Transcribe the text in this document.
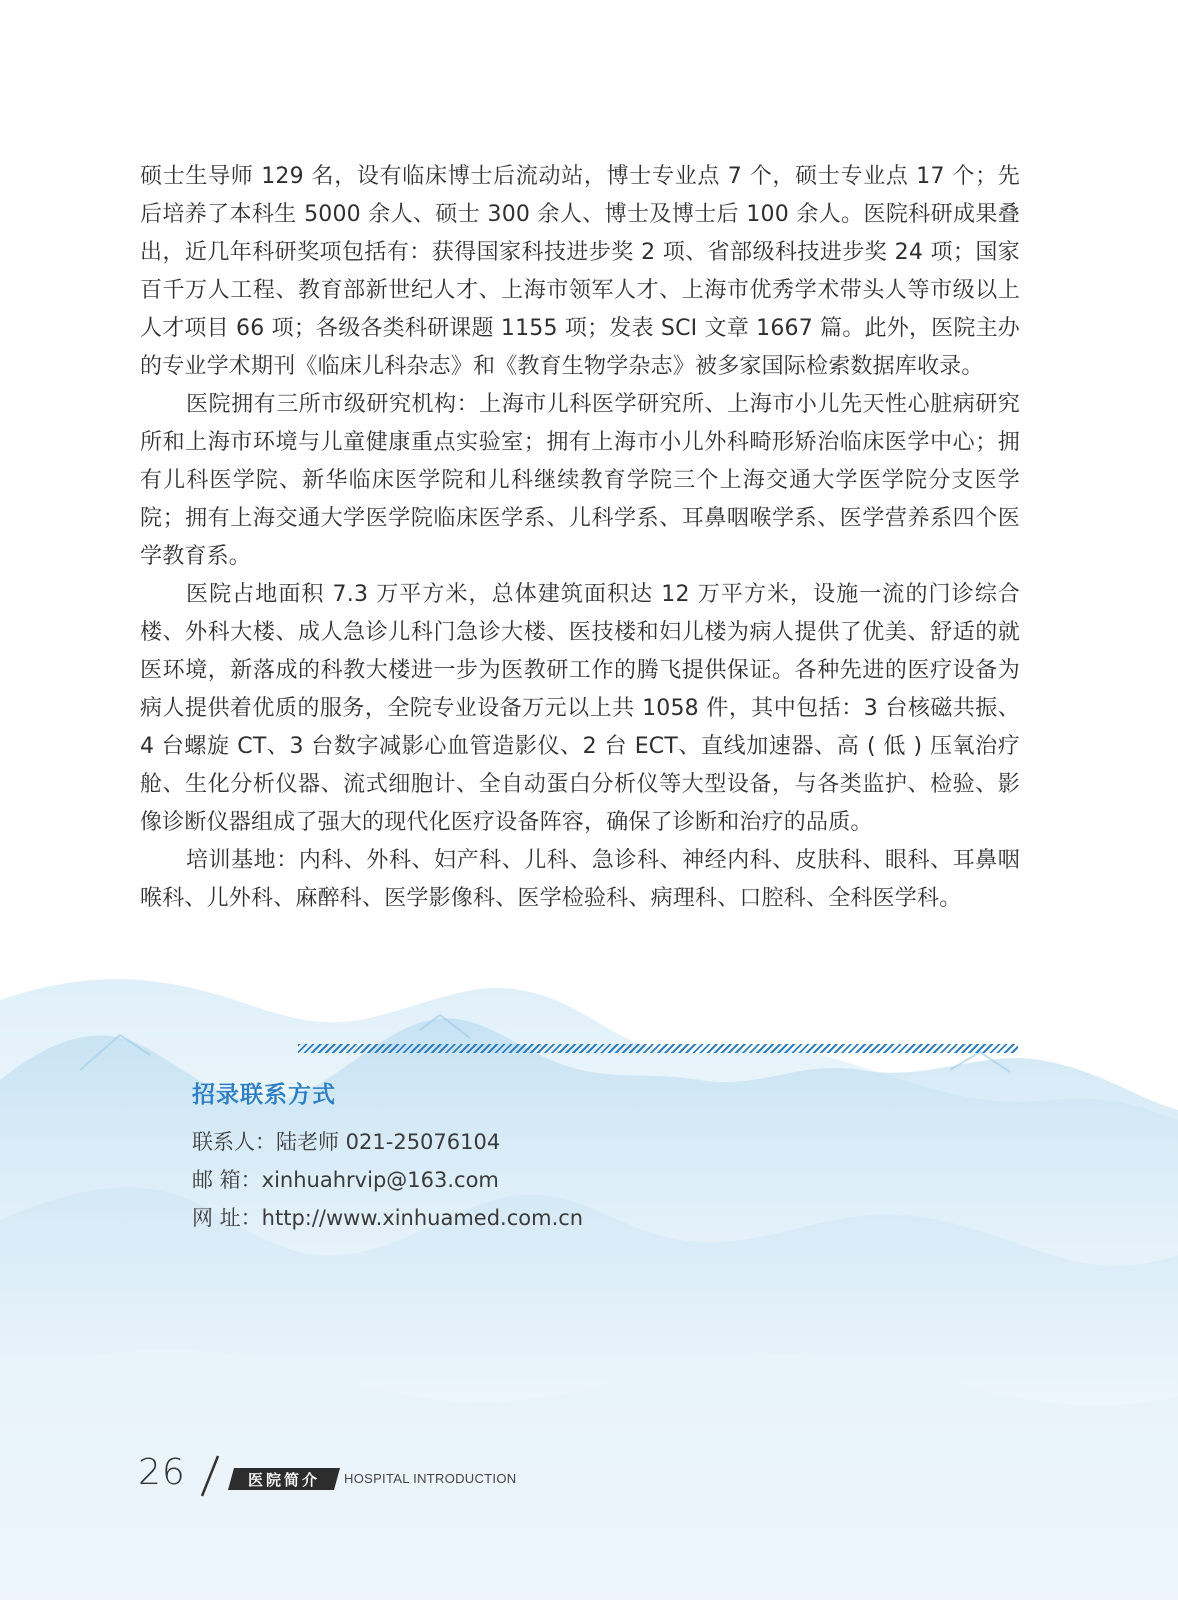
硕士生导师 129 名，设有临床博士后流动站，博士专业点 7 个，硕士专业点 17 个；先后培养了本科生 5000 余人、硕士 300 余人、博士及博士后 100 余人。医院科研成果叠出，近几年科研奖项包括有：获得国家科技进步奖 2 项、省部级科技进步奖 24 项；国家百千万人工程、教育部新世纪人才、上海市领军人才、上海市优秀学术带头人等市级以上人才项目 66 项；各级各类科研课题 1155 项；发表 SCI 文章 1667 篇。此外，医院主办的专业学术期刊《临床儿科杂志》和《教育生物学杂志》被多家国际检索数据库收录。

医院拥有三所市级研究机构：上海市儿科医学研究所、上海市小儿先天性心脏病研究所和上海市环境与儿童健康重点实验室；拥有上海市小儿外科畸形矫治临床医学中心；拥有儿科医学院、新华临床医学院和儿科继续教育学院三个上海交通大学医学院分支医学院；拥有上海交通大学医学院临床医学系、儿科学系、耳鼻咽喉学系、医学营养系四个医学教育系。

医院占地面积 7.3 万平方米，总体建筑面积达 12 万平方米，设施一流的门诊综合楼、外科大楼、成人急诊儿科门急诊大楼、医技楼和妇儿楼为病人提供了优美、舒适的就医环境，新落成的科教大楼进一步为医教研工作的腾飞提供保证。各种先进的医疗设备为病人提供着优质的服务，全院专业设备万元以上共 1058 件，其中包括：3 台核磁共振、4 台螺旋 CT、3 台数字减影心血管造影仪、2 台 ECT、直线加速器、高 ( 低 ) 压氧治疗舱、生化分析仪器、流式细胞计、全自动蛋白分析仪等大型设备，与各类监护、检验、影像诊断仪器组成了强大的现代化医疗设备阵容，确保了诊断和治疗的品质。

培训基地：内科、外科、妇产科、儿科、急诊科、神经内科、皮肤科、眼科、耳鼻咽喉科、儿外科、麻醉科、医学影像科、医学检验科、病理科、口腔科、全科医学科。

招录联系方式
联系人：陆老师 021-25076104
邮 箱：xinhuahrvip@163.com
网 址：http://www.xinhuamed.com.cn
26	医院简介 HOSPITAL INTRODUCTION
